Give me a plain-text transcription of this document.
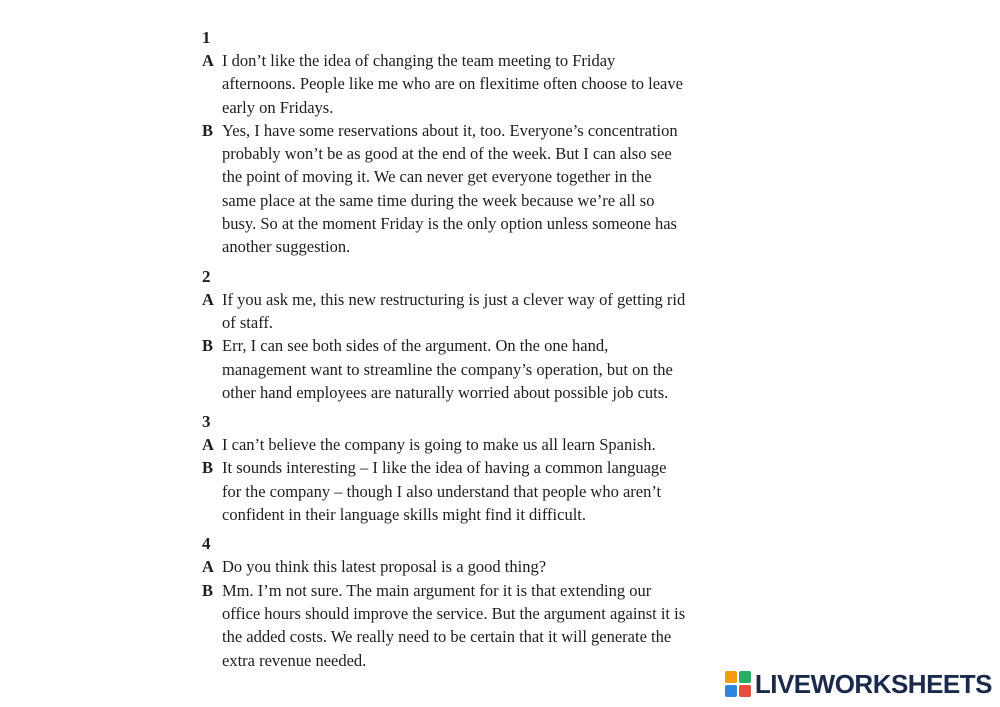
1
A I don’t like the idea of changing the team meeting to Friday
afternoons. People like me who are on flexitime often choose to leave
early on Fridays.
B Yes, I have some reservations about it, too. Everyone’s concentration
probably won’t be as good at the end of the week. But I can also see
the point of moving it. We can never get everyone together in the
same place at the same time during the week because we’re all so
busy. So at the moment Friday is the only option unless someone has
another suggestion.
2
A If you ask me, this new restructuring is just a clever way of getting rid
of staff.
B Err, I can see both sides of the argument. On the one hand,
management want to streamline the company’s operation, but on the
other hand employees are naturally worried about possible job cuts.
3
A I can’t believe the company is going to make us all learn Spanish.
B It sounds interesting – I like the idea of having a common language
for the company – though I also understand that people who aren’t
confident in their language skills might find it difficult.
4
A Do you think this latest proposal is a good thing?
B Mm. I’m not sure. The main argument for it is that extending our
office hours should improve the service. But the argument against it is
the added costs. We really need to be certain that it will generate the
extra revenue needed.
LIVEWORKSHEETS
